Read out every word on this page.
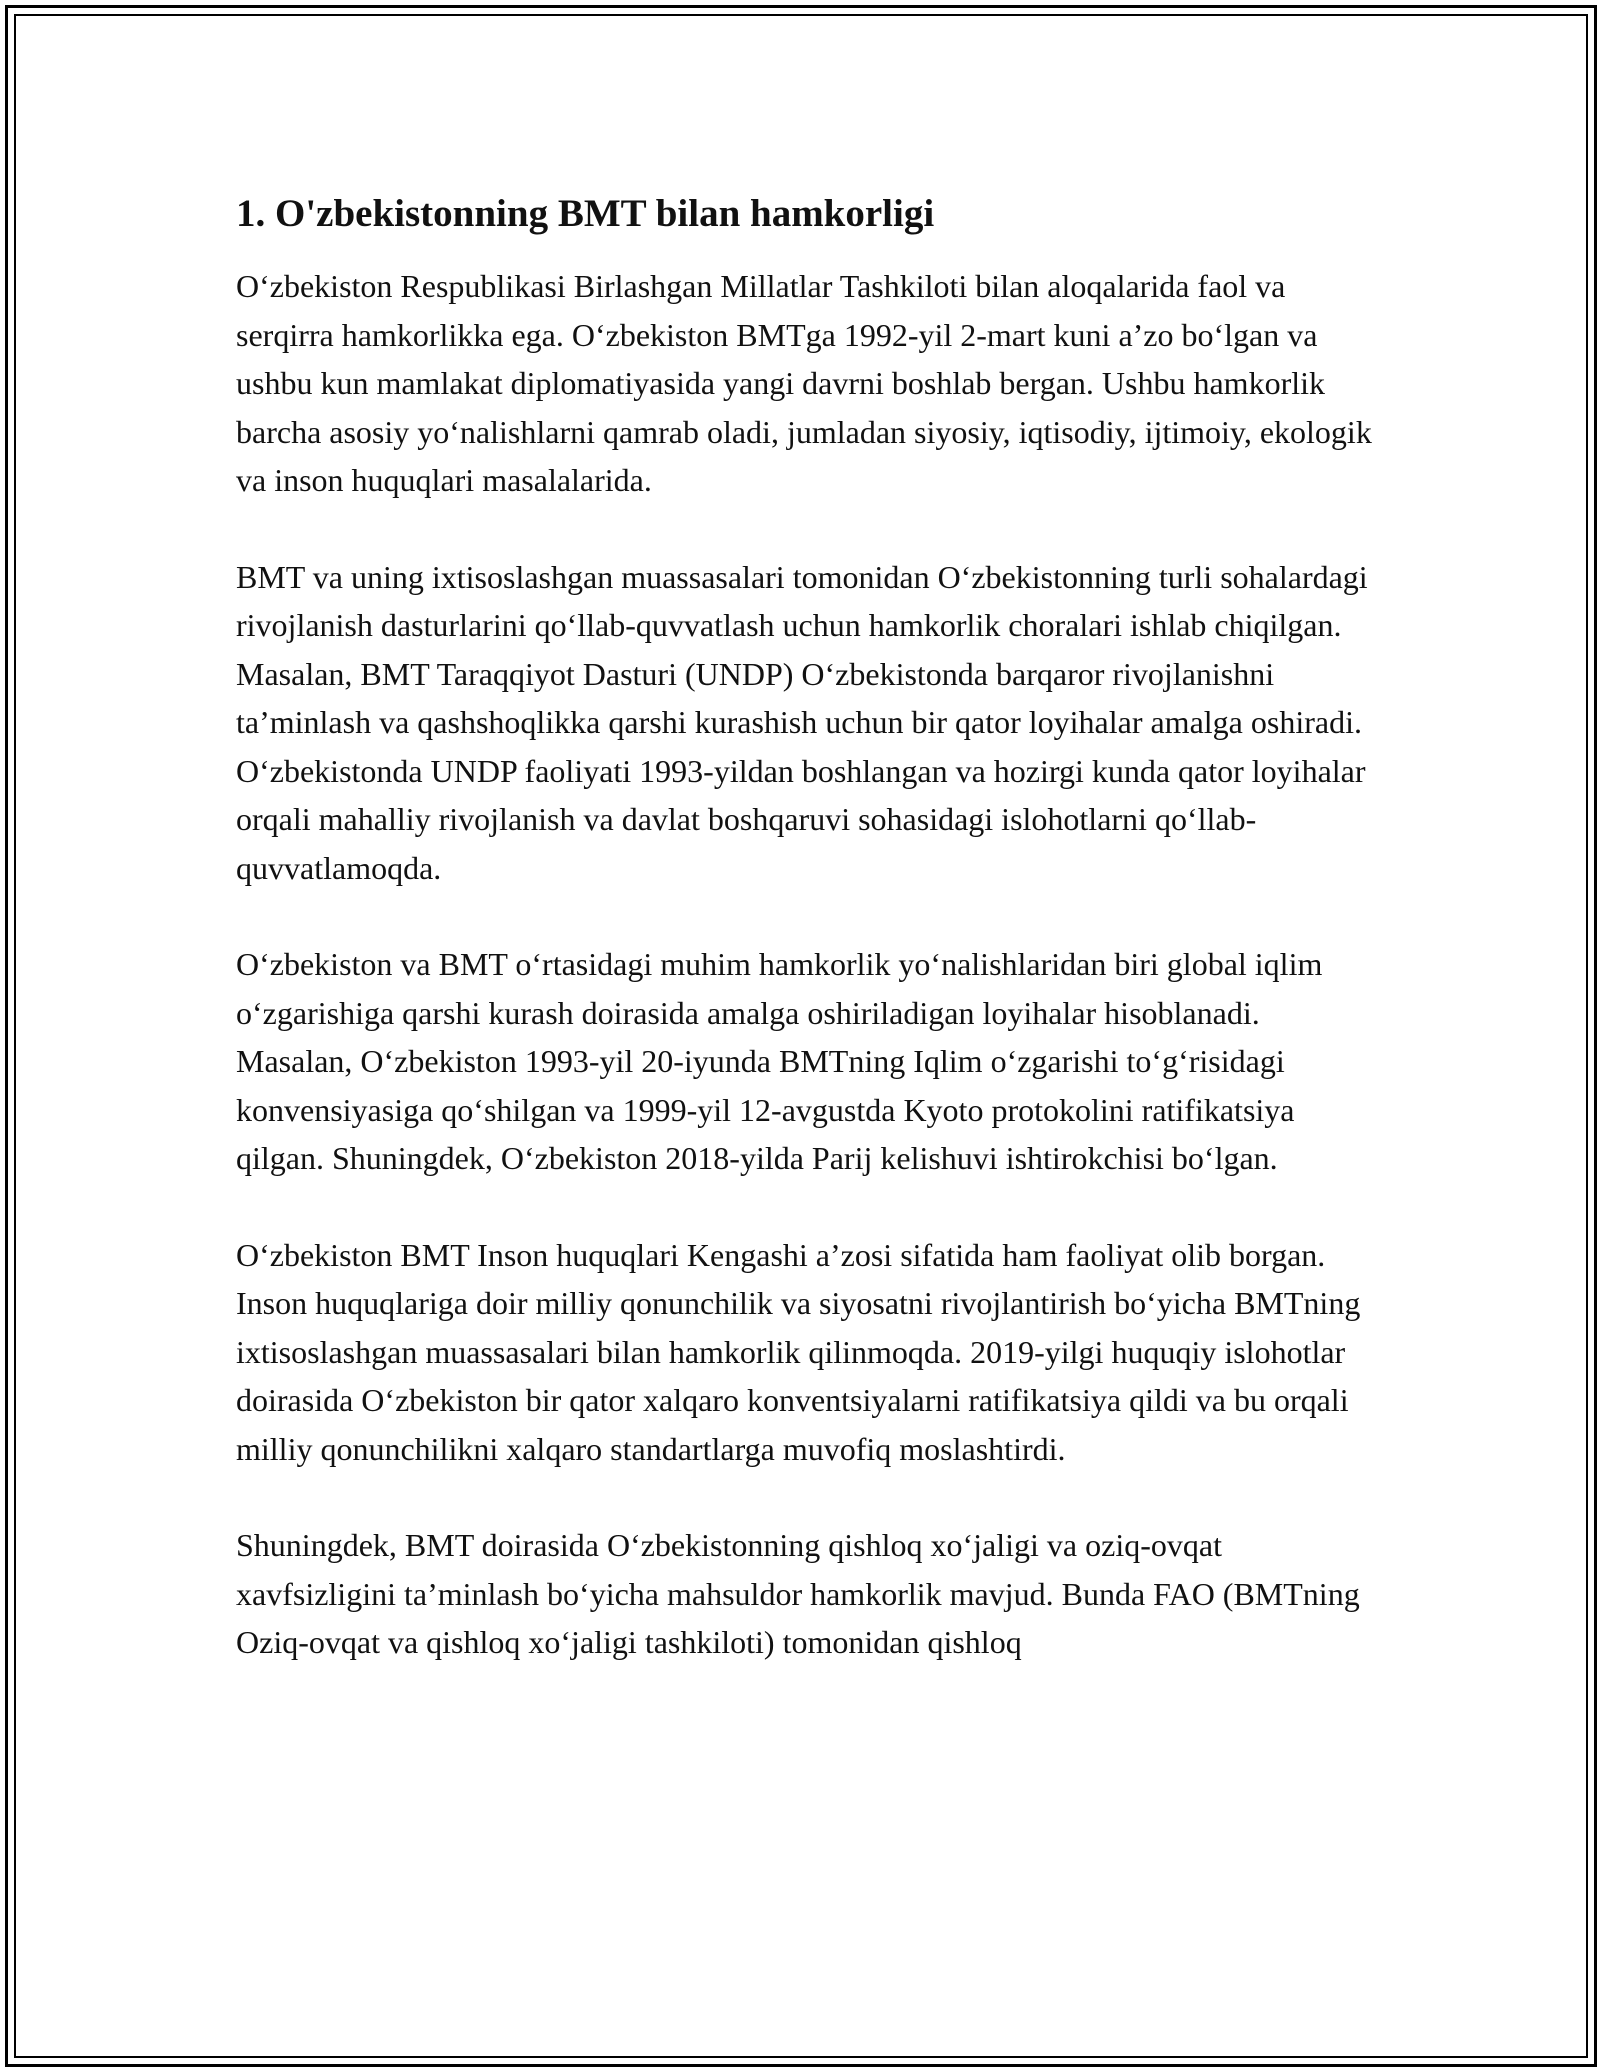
1. O'zbekistonning BMT bilan hamkorligi

O‘zbekiston Respublikasi Birlashgan Millatlar Tashkiloti bilan aloqalarida faol va serqirra hamkorlikka ega. O‘zbekiston BMTga 1992-yil 2-mart kuni a’zo bo‘lgan va ushbu kun mamlakat diplomatiyasida yangi davrni boshlab bergan. Ushbu hamkorlik barcha asosiy yo‘nalishlarni qamrab oladi, jumladan siyosiy, iqtisodiy, ijtimoiy, ekologik va inson huquqlari masalalarida.

BMT va uning ixtisoslashgan muassasalari tomonidan O‘zbekistonning turli sohalardagi rivojlanish dasturlarini qo‘llab-quvvatlash uchun hamkorlik choralari ishlab chiqilgan. Masalan, BMT Taraqqiyot Dasturi (UNDP) O‘zbekistonda barqaror rivojlanishni ta’minlash va qashshoqlikka qarshi kurashish uchun bir qator loyihalar amalga oshiradi. O‘zbekistonda UNDP faoliyati 1993-yildan boshlangan va hozirgi kunda qator loyihalar orqali mahalliy rivojlanish va davlat boshqaruvi sohasidagi islohotlarni qo‘llab-quvvatlamoqda.

O‘zbekiston va BMT o‘rtasidagi muhim hamkorlik yo‘nalishlaridan biri global iqlim o‘zgarishiga qarshi kurash doirasida amalga oshiriladigan loyihalar hisoblanadi. Masalan, O‘zbekiston 1993-yil 20-iyunda BMTning Iqlim o‘zgarishi to‘g‘risidagi konvensiyasiga qo‘shilgan va 1999-yil 12-avgustda Kyoto protokolini ratifikatsiya qilgan. Shuningdek, O‘zbekiston 2018-yilda Parij kelishuvi ishtirokchisi bo‘lgan.

O‘zbekiston BMT Inson huquqlari Kengashi a’zosi sifatida ham faoliyat olib borgan. Inson huquqlariga doir milliy qonunchilik va siyosatni rivojlantirish bo‘yicha BMTning ixtisoslashgan muassasalari bilan hamkorlik qilinmoqda. 2019-yilgi huquqiy islohotlar doirasida O‘zbekiston bir qator xalqaro konventsiyalarni ratifikatsiya qildi va bu orqali milliy qonunchilikni xalqaro standartlarga muvofiq moslashtirdi.

Shuningdek, BMT doirasida O‘zbekistonning qishloq xo‘jaligi va oziq-ovqat xavfsizligini ta’minlash bo‘yicha mahsuldor hamkorlik mavjud. Bunda FAO (BMTning Oziq-ovqat va qishloq xo‘jaligi tashkiloti) tomonidan qishloq
